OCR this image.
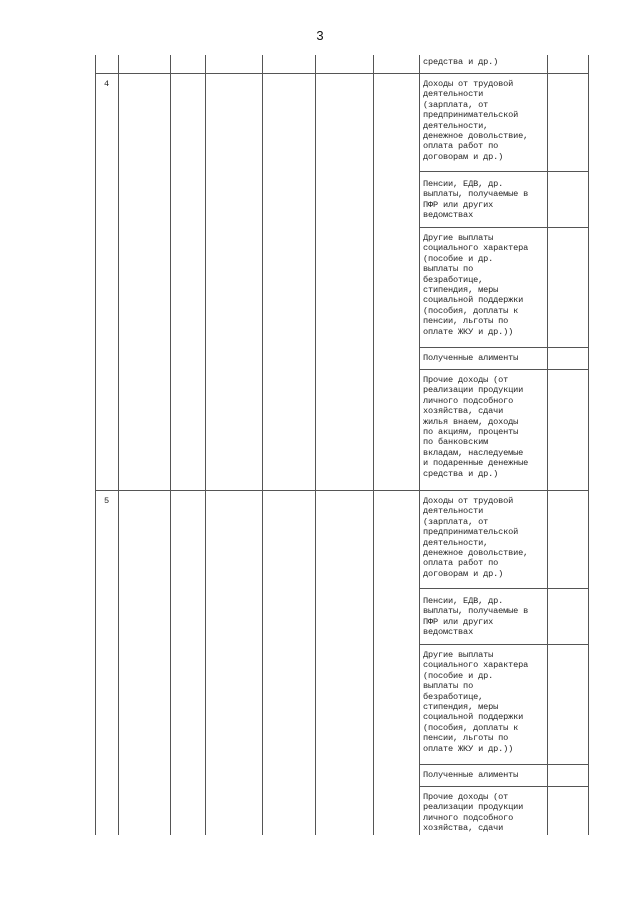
3
средства и др.)
4	Доходы от трудовой
деятельности
(зарплата, от
предпринимательской
деятельности,
денежное довольствие,
оплата работ по
договорам и др.)
Пенсии, ЕДВ, др.
выплаты, получаемые в
ПФР или других
ведомствах
Другие выплаты
социального характера
(пособие и др.
выплаты по
безработице,
стипендия, меры
социальной поддержки
(пособия, доплаты к
пенсии, льготы по
оплате ЖКУ и др.))
Полученные алименты
Прочие доходы (от
реализации продукции
личного подсобного
хозяйства, сдачи
жилья внаем, доходы
по акциям, проценты
по банковским
вкладам, наследуемые
и подаренные денежные
средства и др.)
5	Доходы от трудовой
деятельности
(зарплата, от
предпринимательской
деятельности,
денежное довольствие,
оплата работ по
договорам и др.)
Пенсии, ЕДВ, др.
выплаты, получаемые в
ПФР или других
ведомствах
Другие выплаты
социального характера
(пособие и др.
выплаты по
безработице,
стипендия, меры
социальной поддержки
(пособия, доплаты к
пенсии, льготы по
оплате ЖКУ и др.))
Полученные алименты
Прочие доходы (от
реализации продукции
личного подсобного
хозяйства, сдачи
